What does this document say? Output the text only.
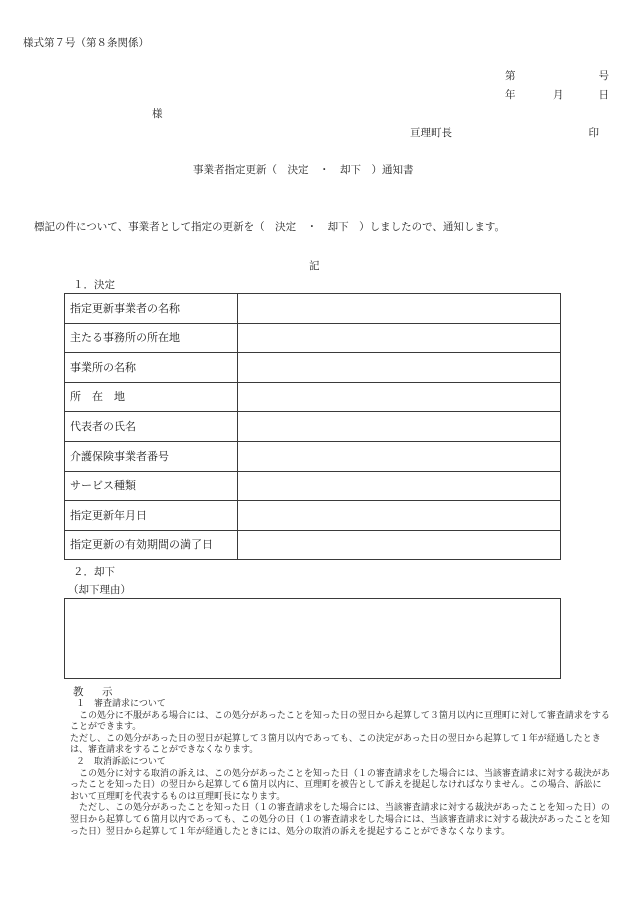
様式第７号（第８条関係）
第	号
年	月	日
様
亘理町長	印
事業者指定更新（　決定　・　却下　）通知書
標記の件について、事業者として指定の更新を（　決定　・　却下　）しましたので、通知します。
記
１．決定
指定更新事業者の名称	
主たる事務所の所在地	
事業所の名称	
所　在　地	
代表者の氏名	
介護保険事業者番号	
サービス種類	
指定更新年月日	
指定更新の有効期間の満了日	
２．却下
（却下理由）
教　示

１　審査請求について

この処分に不服がある場合には、この処分があったことを知った日の翌日から起算して３箇月以内に亘理町に対して審査請求をすることができます。

ただし、この処分があった日の翌日が起算して３箇月以内であっても、この決定があった日の翌日から起算して１年が経過したときは、審査請求をすることができなくなります。

２　取消訴訟について

この処分に対する取消の訴えは、この処分があったことを知った日（１の審査請求をした場合には、当該審査請求に対する裁決があったことを知った日）の翌日から起算して６箇月以内に、亘理町を被告として訴えを提起しなければなりません。この場合、訴訟において亘理町を代表するものは亘理町長になります。

ただし、この処分があったことを知った日（１の審査請求をした場合には、当該審査請求に対する裁決があったことを知った日）の翌日から起算して６箇月以内であっても、この処分の日（１の審査請求をした場合には、当該審査請求に対する裁決があったことを知った日）翌日から起算して１年が経過したときには、処分の取消の訴えを提起することができなくなります。
